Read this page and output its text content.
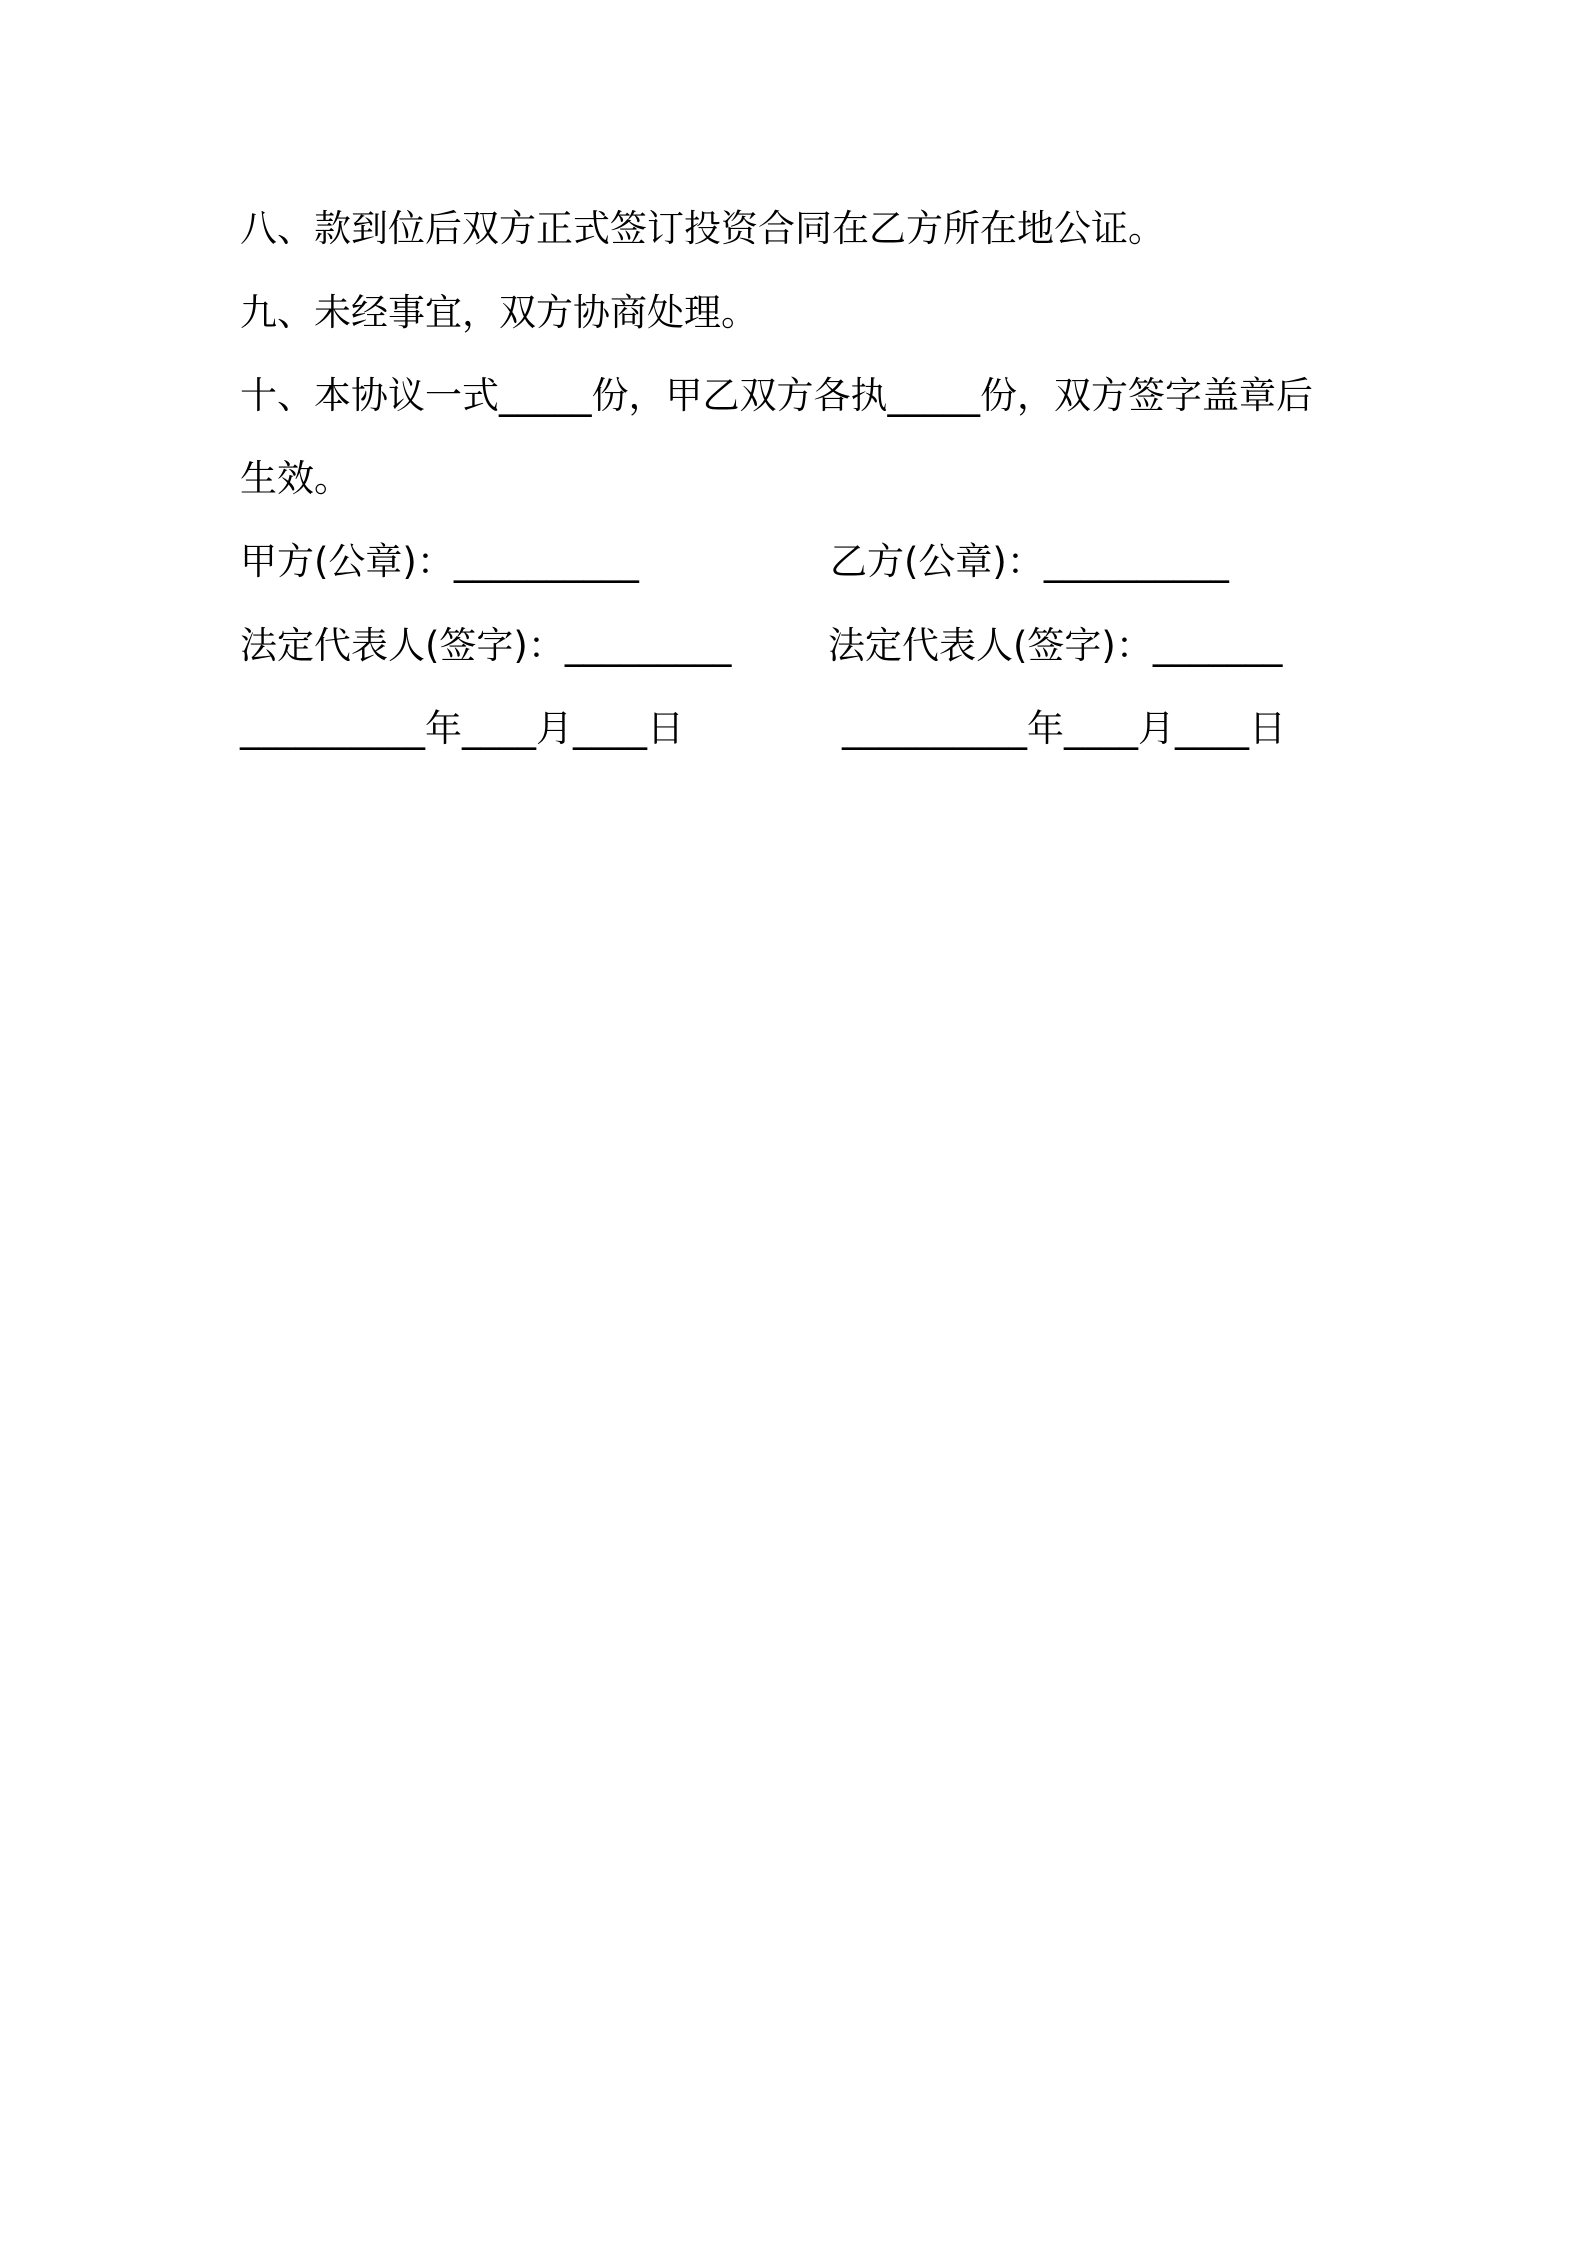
八、款到位后双方正式签订投资合同在乙方所在地公证。
九、未经事宜，双方协商处理。
十、本协议一式_____份，甲乙双方各执_____份，双方签字盖章后
生效。
甲方(公章)：__________	乙方(公章)：__________
法定代表人(签字)：_________	法定代表人(签字)：_______
__________年____月____日	__________年____月____日
